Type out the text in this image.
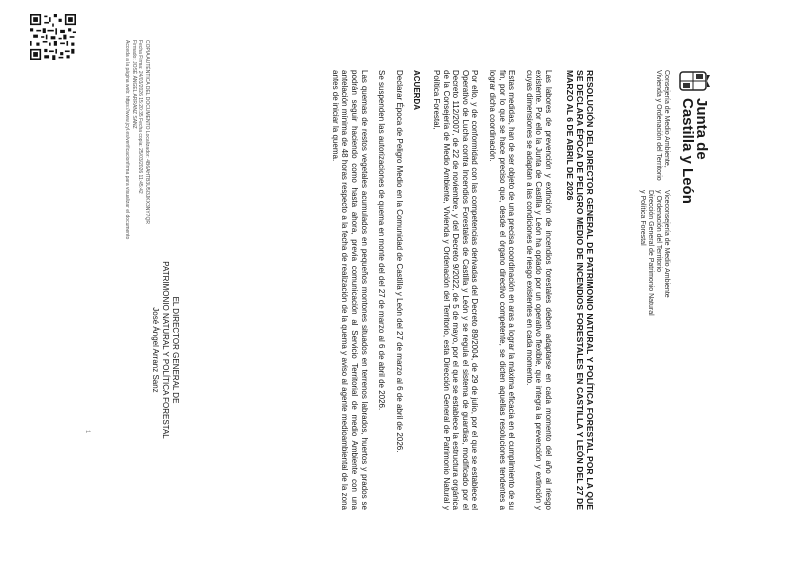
Junta de
Castilla y León
Consejería de Medio Ambiente,
Vivienda y Ordenación del Territorio
Viceconsejería de Medio Ambiente
y Ordenación del Territorio
Dirección General de Patrimonio Natural
y Política Forestal

RESOLUCIÓN DEL DIRECTOR GENERAL DE PATRIMONIO NATURAL Y POLÍTICA FORESTAL POR LA QUE SE DECLARA ÉPOCA DE PELIGRO MEDIO DE INCENDIOS FORESTALES EN CASTILLA Y LEÓN DEL 27 DE MARZO AL 6 DE ABRIL DE 2026

Las labores de prevención y extinción de incendios forestales deben adaptarse en cada momento del año al riesgo existente. Por ello la Junta de Castilla y León ha optado por un operativo flexible, que integra la prevención y extinción y cuyas dimensiones se adaptan a las condiciones de riesgo existentes en cada momento.

Estas medidas, han de ser objeto de una precisa coordinación en aras a lograr la máxima eficacia en el cumplimiento de su fin, por lo que se hace preciso que, desde el órgano directivo competente, se dicten aquellas resoluciones tendentes a lograr dicha coordinación.

Por ello, y de conformidad con las competencias derivadas del Decreto 89/2004, de 29 de julio, por el que se establece el Operativo de Lucha contra Incendios Forestales de Castilla y León y se regula el sistema de guardias, modificado por el Decreto 112/2007, de 22 de noviembre, y del Decreto 9/2022, de 5 de mayo, por el que se establece la estructura orgánica de la Consejería de Medio Ambiente, Vivienda y Ordenación del Territorio, esta Dirección General de Patrimonio Natural y Política Forestal,

ACUERDA

Declarar Época de Peligro Medio en la Comunidad de Castilla y León del 27 de marzo al 6 de abril de 2026.

Se suspenden las autorizaciones de quema en monte del del 27 de marzo al 6 de abril de 2026.

Las quemas de restos vegetales acumulados en pequeños montones situados en terrenos labrados, huertos y prados se podrán seguir haciendo como hasta ahora, previa comunicación al Servicio Territorial de medio Ambiente con una antelación mínima de 48 horas respecto a la fecha de realización de la quema y aviso al agente medioambiental de la zona antes de iniciar la quema.

EL DIRECTOR GENERAL DE
PATRIMONIO NATURAL Y POLÍTICA FORESTAL
José Ángel Arranz Sanz
COPIA AUTÉNTICA DEL DOCUMENTO Localizador: 4B6AHTB3U5I3JKX3NY7QR
Fecha Firma: 24/03/2026 15:20:35 Fecha copia: 25/03/2026 11:45:42
Firmado: JOSÉ ÁNGEL ARRANZ SANZ
Acceda a la página web: https://www.jcyl.es/verificacionfirma para visualizar el documento
1
